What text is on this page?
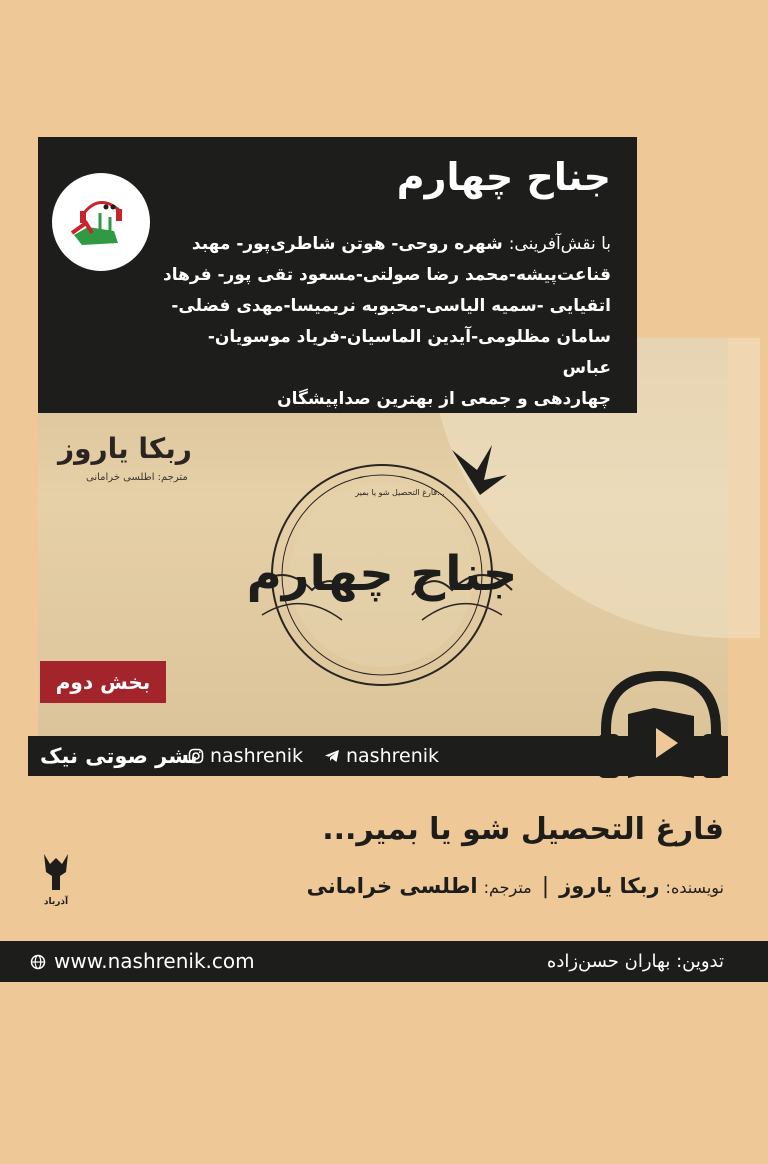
ربکا یاروز
مترجم: اطلسی خرامانی
فارغ التحصیل شو یا بمیر...
جناح چهارم
بخش دوم
جناح چهارم
با نقش‌آفرینی: شهره روحی- هوتن شاطری‌پور- مهبد
قناعت‌پیشه-محمد رضا صولتی-مسعود تقی پور- فرهاد
اتقیایی -سمیه الیاسی-محبوبه نریمیسا-مهدی فضلی-
سامان مظلومی-آیدین الماسیان-فریاد موسویان-عباس
چهاردهی و جمعی از بهترین صداپیشگان
نشر صوتی نیک nashrenik nashrenik
فارغ التحصیل شو یا بمیر...
نویسنده:
ربکا یاروز
|
مترجم:
اطلسی خرامانی
آذرباد
www.nashrenik.com	تدوین: بهاران حسن‌زاده
